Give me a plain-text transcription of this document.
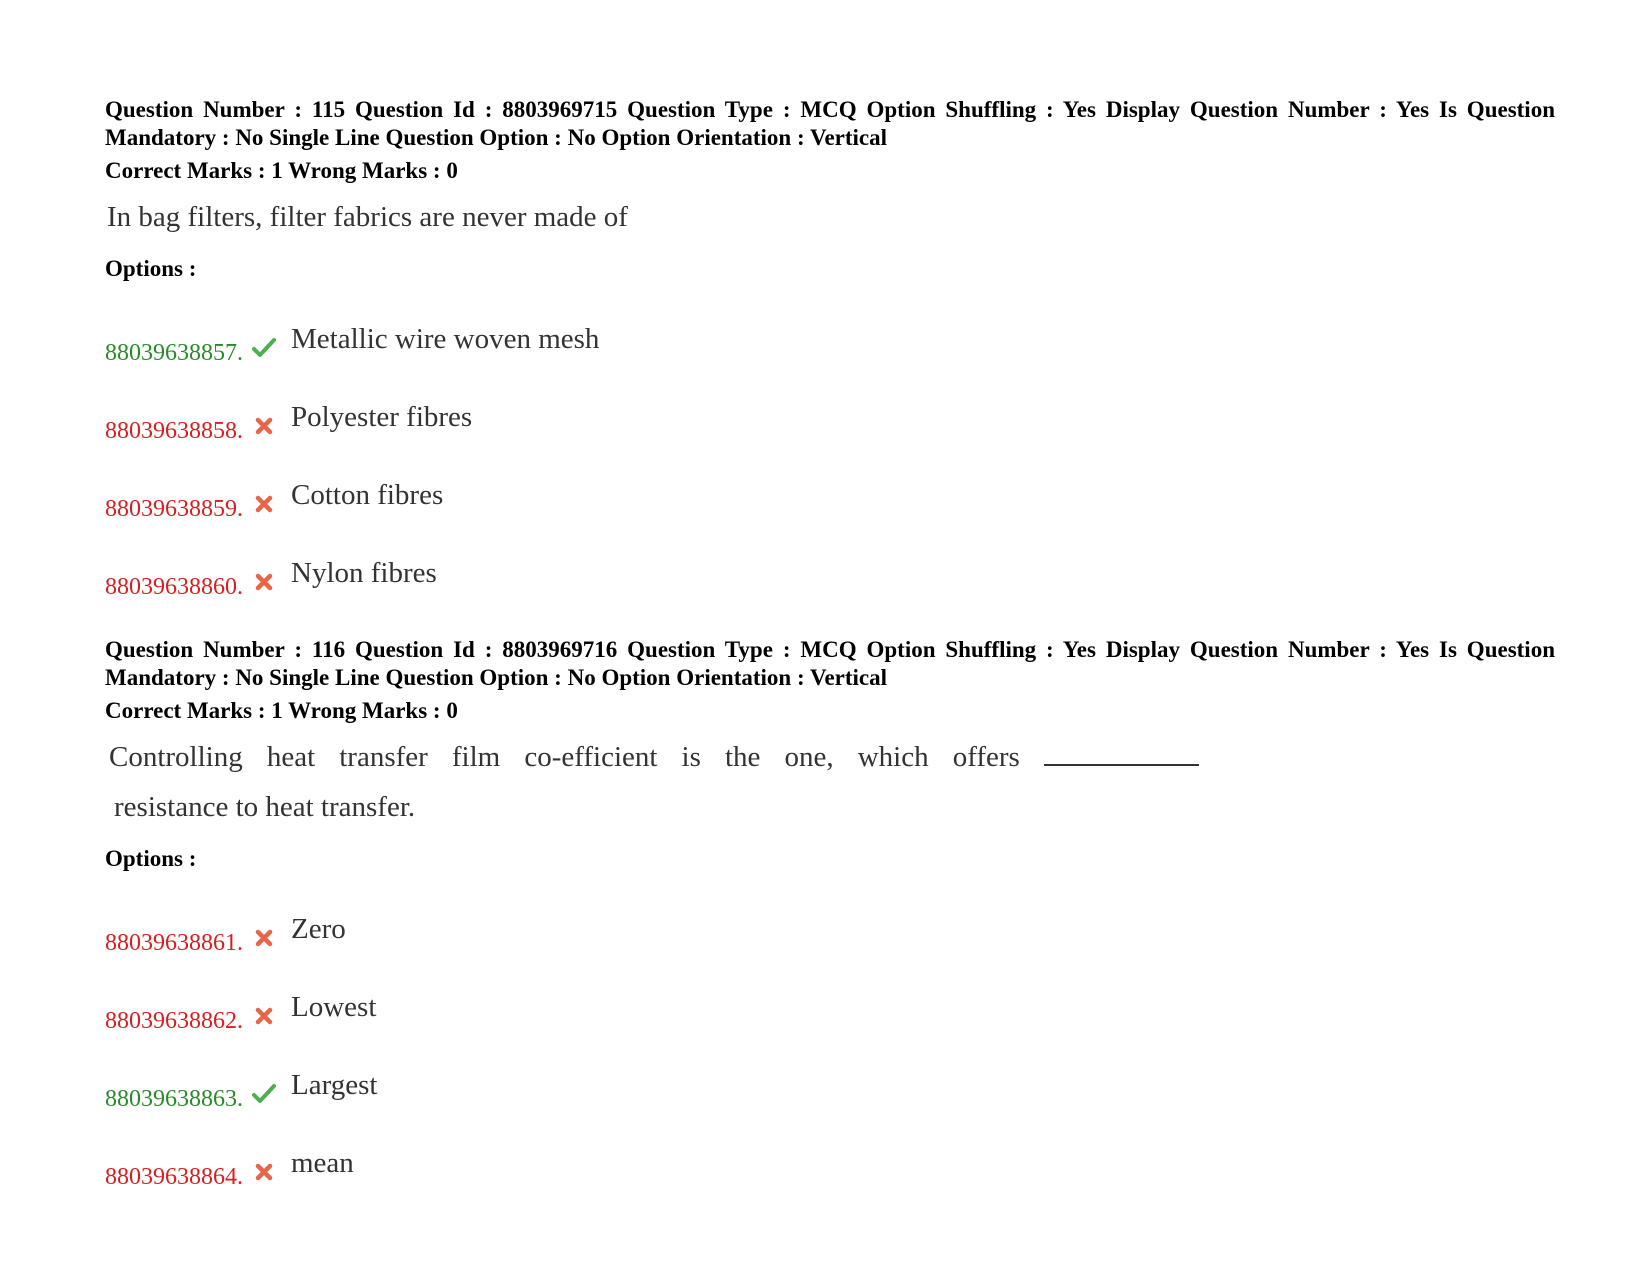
Question Number : 115 Question Id : 8803969715 Question Type : MCQ Option Shuffling : Yes Display Question Number : Yes Is Question Mandatory : No Single Line Question Option : No Option Orientation : Vertical
Correct Marks : 1 Wrong Marks : 0
In bag filters, filter fabrics are never made of
Options :
88039638857. Metallic wire woven mesh
88039638858. Polyester fibres
88039638859. Cotton fibres
88039638860. Nylon fibres
Question Number : 116 Question Id : 8803969716 Question Type : MCQ Option Shuffling : Yes Display Question Number : Yes Is Question Mandatory : No Single Line Question Option : No Option Orientation : Vertical
Correct Marks : 1 Wrong Marks : 0
Controlling heat transfer film co-efficient is the one, which offers
resistance to heat transfer.
Options :
88039638861. Zero
88039638862. Lowest
88039638863. Largest
88039638864. mean
